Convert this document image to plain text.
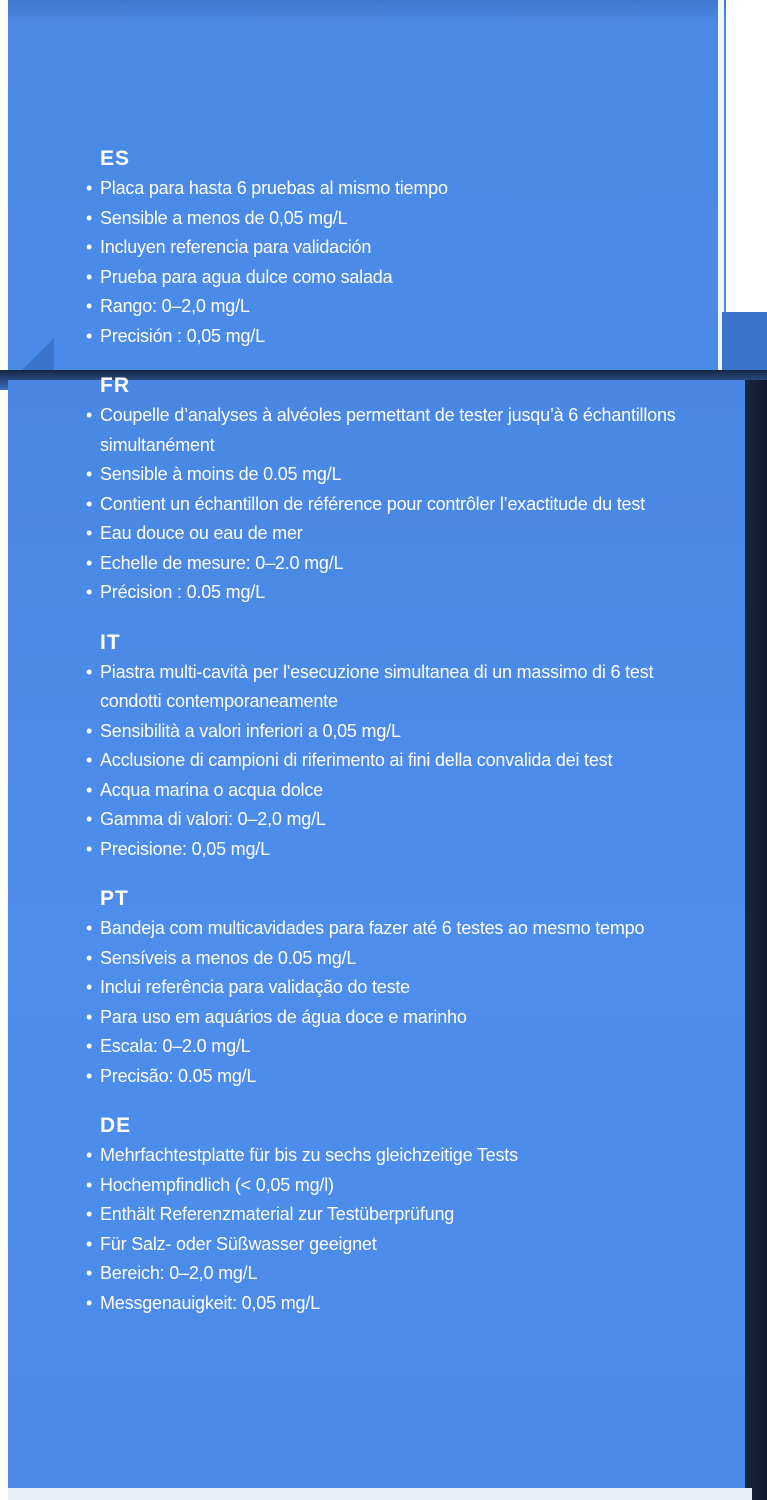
ES
• Placa para hasta 6 pruebas al mismo tiempo
• Sensible a menos de 0,05 mg/L
• Incluyen referencia para validación
• Prueba para agua dulce como salada
• Rango: 0–2,0 mg/L
• Precisión : 0,05 mg/L
FR
• Coupelle d’analyses à alvéoles permettant de tester jusqu’à 6 échantillons simultanément
• Sensible à moins de 0.05 mg/L
• Contient un échantillon de référence pour contrôler l’exactitude du test
• Eau douce ou eau de mer
• Echelle de mesure: 0–2.0 mg/L
• Précision : 0.05 mg/L
IT
• Piastra multi-cavità per l'esecuzione simultanea di un massimo di 6 test condotti contemporaneamente
• Sensibilità a valori inferiori a 0,05 mg/L
• Acclusione di campioni di riferimento ai fini della convalida dei test
• Acqua marina o acqua dolce
• Gamma di valori: 0–2,0 mg/L
• Precisione: 0,05 mg/L
PT
• Bandeja com multicavidades para fazer até 6 testes ao mesmo tempo
• Sensíveis a menos de 0.05 mg/L
• Inclui referência para validação do teste
• Para uso em aquários de água doce e marinho
• Escala: 0–2.0 mg/L
• Precisão: 0.05 mg/L
DE
• Mehrfachtestplatte für bis zu sechs gleichzeitige Tests
• Hochempfindlich (< 0,05 mg/l)
• Enthält Referenzmaterial zur Testüberprüfung
• Für Salz- oder Süßwasser geeignet
• Bereich: 0–2,0 mg/L
• Messgenauigkeit: 0,05 mg/L
